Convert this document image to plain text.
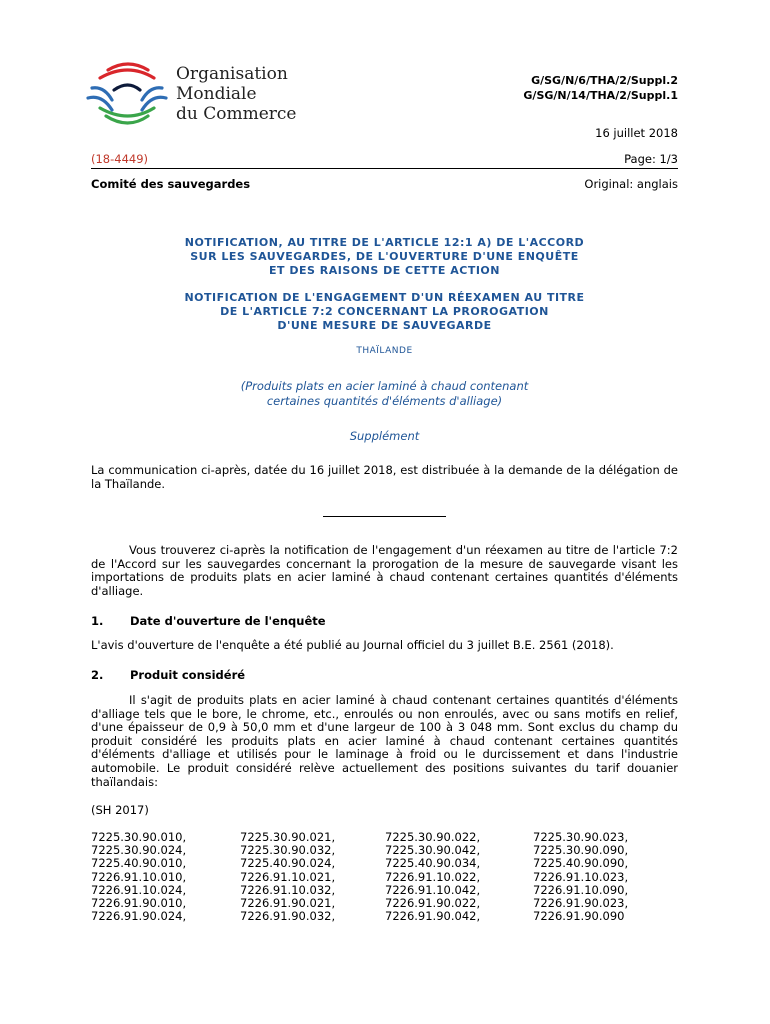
Organisation
Mondiale
du Commerce
G/SG/N/6/THA/2/Suppl.2
G/SG/N/14/THA/2/Suppl.1
16 juillet 2018
(18-4449)	Page: 1/3
Comité des sauvegardes	Original: anglais
NOTIFICATION, AU TITRE DE L'ARTICLE 12:1 A) DE L'ACCORD
SUR LES SAUVEGARDES, DE L'OUVERTURE D'UNE ENQUÊTE
ET DES RAISONS DE CETTE ACTION
NOTIFICATION DE L'ENGAGEMENT D'UN RÉEXAMEN AU TITRE
DE L'ARTICLE 7:2 CONCERNANT LA PROROGATION
D'UNE MESURE DE SAUVEGARDE
THAÏLANDE
(Produits plats en acier laminé à chaud contenant
certaines quantités d'éléments d'alliage)
Supplément

La communication ci-après, datée du 16 juillet 2018, est distribuée à la demande de la délégation de la Thaïlande.

Vous trouverez ci-après la notification de l'engagement d'un réexamen au titre de l'article 7:2 de l'Accord sur les sauvegardes concernant la prorogation de la mesure de sauvegarde visant les importations de produits plats en acier laminé à chaud contenant certaines quantités d'éléments d'alliage.

1. Date d'ouverture de l'enquête

L'avis d'ouverture de l'enquête a été publié au Journal officiel du 3 juillet B.E. 2561 (2018).

2. Produit considéré

Il s'agit de produits plats en acier laminé à chaud contenant certaines quantités d'éléments d'alliage tels que le bore, le chrome, etc., enroulés ou non enroulés, avec ou sans motifs en relief, d'une épaisseur de 0,9 à 50,0 mm et d'une largeur de 100 à 3 048 mm. Sont exclus du champ du produit considéré les produits plats en acier laminé à chaud contenant certaines quantités d'éléments d'alliage et utilisés pour le laminage à froid ou le durcissement et dans l'industrie automobile. Le produit considéré relève actuellement des positions suivantes du tarif douanier thaïlandais:

(SH 2017)

7225.30.90.010,
7225.30.90.024,
7225.40.90.010,
7226.91.10.010,
7226.91.10.024,
7226.91.90.010,
7226.91.90.024,
7225.30.90.021,
7225.30.90.032,
7225.40.90.024,
7226.91.10.021,
7226.91.10.032,
7226.91.90.021,
7226.91.90.032,
7225.30.90.022,
7225.30.90.042,
7225.40.90.034,
7226.91.10.022,
7226.91.10.042,
7226.91.90.022,
7226.91.90.042,
7225.30.90.023,
7225.30.90.090,
7225.40.90.090,
7226.91.10.023,
7226.91.10.090,
7226.91.90.023,
7226.91.90.090
